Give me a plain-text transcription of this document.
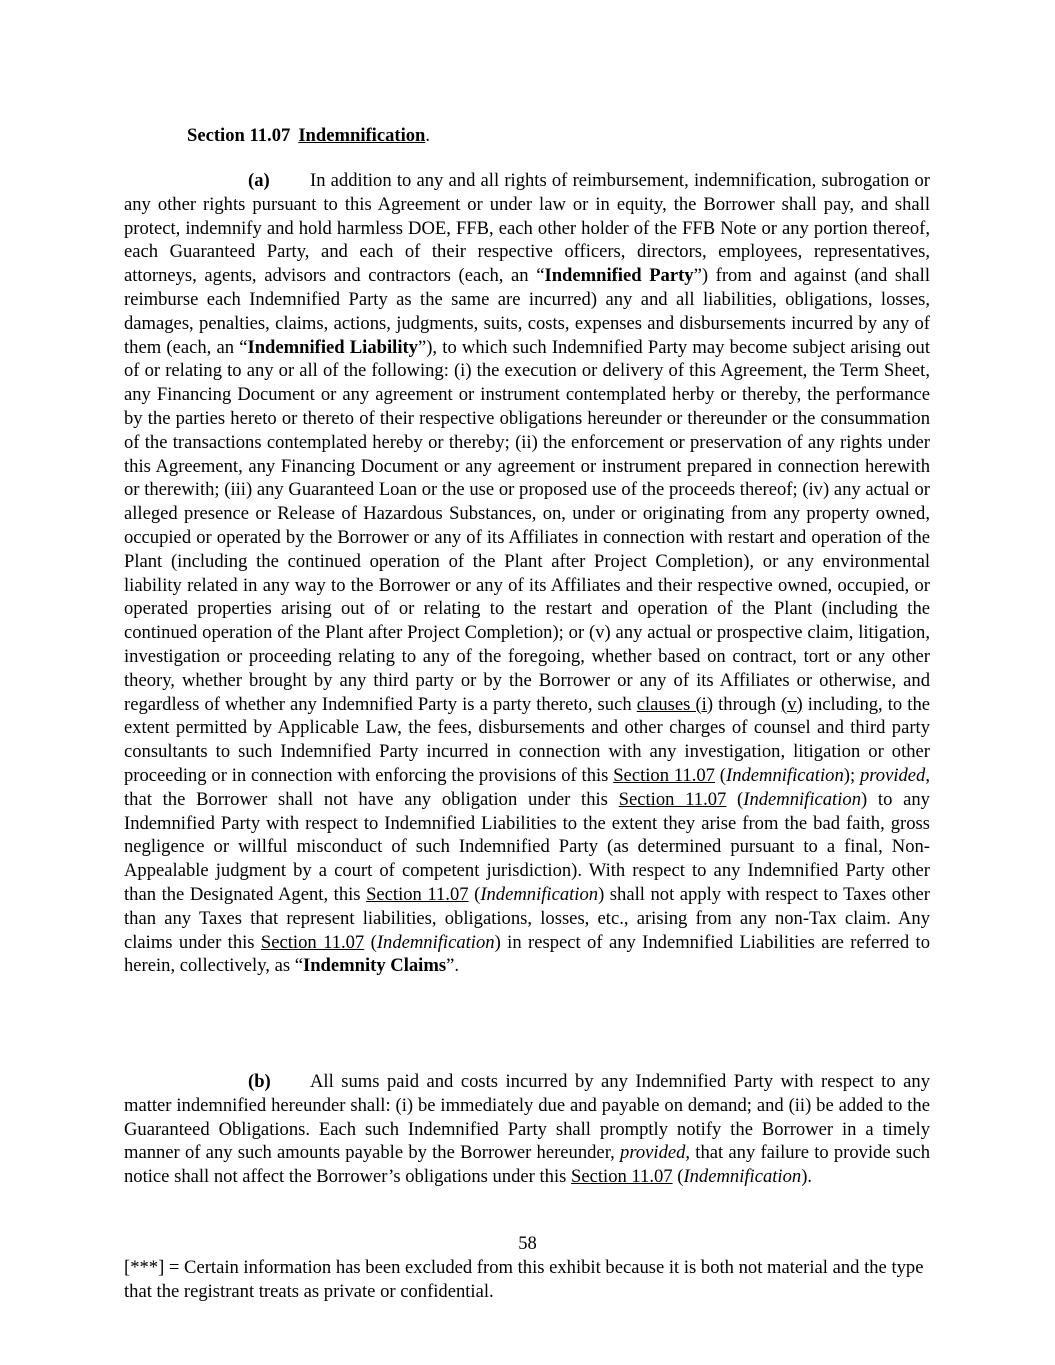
Section 11.07 Indemnification.

(a) In addition to any and all rights of reimbursement, indemnification, subrogation or any other rights pursuant to this Agreement or under law or in equity, the Borrower shall pay, and shall protect, indemnify and hold harmless DOE, FFB, each other holder of the FFB Note or any portion thereof, each Guaranteed Party, and each of their respective officers, directors, employees, representatives, attorneys, agents, advisors and contractors (each, an “Indemnified Party”) from and against (and shall reimburse each Indemnified Party as the same are incurred) any and all liabilities, obligations, losses, damages, penalties, claims, actions, judgments, suits, costs, expenses and disbursements incurred by any of them (each, an “Indemnified Liability”), to which such Indemnified Party may become subject arising out of or relating to any or all of the following: (i) the execution or delivery of this Agreement, the Term Sheet, any Financing Document or any agreement or instrument contemplated herby or thereby, the performance by the parties hereto or thereto of their respective obligations hereunder or thereunder or the consummation of the transactions contemplated hereby or thereby; (ii) the enforcement or preservation of any rights under this Agreement, any Financing Document or any agreement or instrument prepared in connection herewith or therewith; (iii) any Guaranteed Loan or the use or proposed use of the proceeds thereof; (iv) any actual or alleged presence or Release of Hazardous Substances, on, under or originating from any property owned, occupied or operated by the Borrower or any of its Affiliates in connection with restart and operation of the Plant (including the continued operation of the Plant after Project Completion), or any environmental liability related in any way to the Borrower or any of its Affiliates and their respective owned, occupied, or operated properties arising out of or relating to the restart and operation of the Plant (including the continued operation of the Plant after Project Completion); or (v) any actual or prospective claim, litigation, investigation or proceeding relating to any of the foregoing, whether based on contract, tort or any other theory, whether brought by any third party or by the Borrower or any of its Affiliates or otherwise, and regardless of whether any Indemnified Party is a party thereto, such clauses (i) through (v) including, to the extent permitted by Applicable Law, the fees, disbursements and other charges of counsel and third party consultants to such Indemnified Party incurred in connection with any investigation, litigation or other proceeding or in connection with enforcing the provisions of this Section 11.07 (Indemnification); provided, that the Borrower shall not have any obligation under this Section 11.07 (Indemnification) to any Indemnified Party with respect to Indemnified Liabilities to the extent they arise from the bad faith, gross negligence or willful misconduct of such Indemnified Party (as determined pursuant to a final, Non-Appealable judgment by a court of competent jurisdiction). With respect to any Indemnified Party other than the Designated Agent, this Section 11.07 (Indemnification) shall not apply with respect to Taxes other than any Taxes that represent liabilities, obligations, losses, etc., arising from any non-Tax claim. Any claims under this Section 11.07 (Indemnification) in respect of any Indemnified Liabilities are referred to herein, collectively, as “Indemnity Claims”.

(b) All sums paid and costs incurred by any Indemnified Party with respect to any matter indemnified hereunder shall: (i) be immediately due and payable on demand; and (ii) be added to the Guaranteed Obligations. Each such Indemnified Party shall promptly notify the Borrower in a timely manner of any such amounts payable by the Borrower hereunder, provided, that any failure to provide such notice shall not affect the Borrower’s obligations under this Section 11.07 (Indemnification).

58

[***] = Certain information has been excluded from this exhibit because it is both not material and the type that the registrant treats as private or confidential.
